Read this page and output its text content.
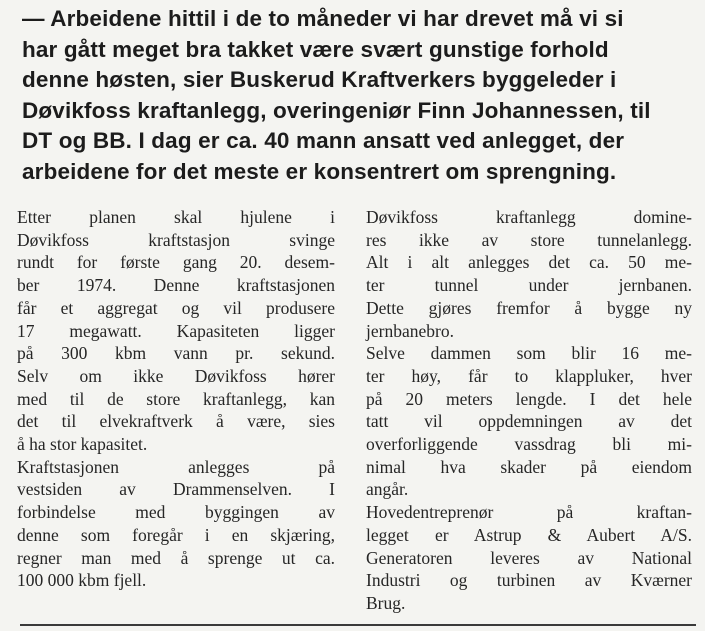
— Arbeidene hittil i de to måneder vi har drevet må vi si
har gått meget bra takket være svært gunstige forhold
denne høsten, sier Buskerud Kraftverkers byggeleder i
Døvikfoss kraftanlegg, overingeniør Finn Johannessen, til
DT og BB. I dag er ca. 40 mann ansatt ved anlegget, der
arbeidene for det meste er konsentrert om sprengning.
Etter planen skal hjulene i
Døvikfoss kraftstasjon svinge
rundt for første gang 20. desem-
ber 1974. Denne kraftstasjonen
får et aggregat og vil produsere
17 megawatt. Kapasiteten ligger
på 300 kbm vann pr. sekund.
Selv om ikke Døvikfoss hører
med til de store kraftanlegg, kan
det til elvekraftverk å være, sies
å ha stor kapasitet.
Kraftstasjonen anlegges på
vestsiden av Drammenselven. I
forbindelse med byggingen av
denne som foregår i en skjæring,
regner man med å sprenge ut ca.
100 000 kbm fjell.
Døvikfoss kraftanlegg domine-
res ikke av store tunnelanlegg.
Alt i alt anlegges det ca. 50 me-
ter tunnel under jernbanen.
Dette gjøres fremfor å bygge ny
jernbanebro.
Selve dammen som blir 16 me-
ter høy, får to klappluker, hver
på 20 meters lengde. I det hele
tatt vil oppdemningen av det
overforliggende vassdrag bli mi-
nimal hva skader på eiendom
angår.
Hovedentreprenør på kraftan-
legget er Astrup & Aubert A/S.
Generatoren leveres av National
Industri og turbinen av Kværner
Brug.
